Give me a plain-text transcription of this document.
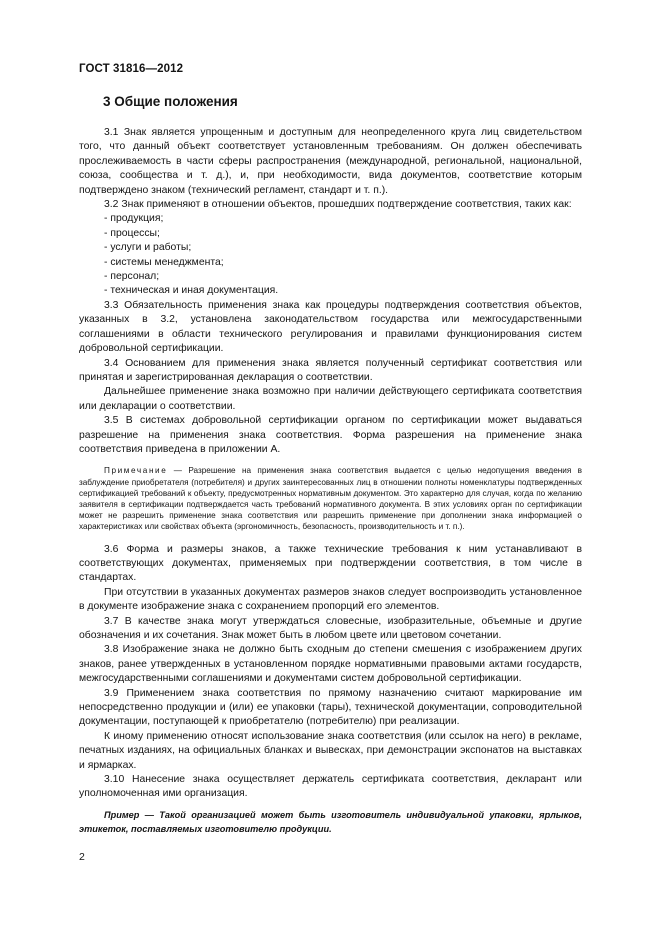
ГОСТ 31816—2012
3 Общие положения

3.1 Знак является упрощенным и доступным для неопределенного круга лиц свидетельством того, что данный объект соответствует установленным требованиям. Он должен обеспечивать прослеживаемость в части сферы распространения (международной, региональной, национальной, союза, сообщества и т. д.), и, при необходимости, вида документов, соответствие которым подтверждено знаком (технический регламент, стандарт и т. п.).

3.2 Знак применяют в отношении объектов, прошедших подтверждение соответствия, таких как:

- продукция;

- процессы;

- услуги и работы;

- системы менеджмента;

- персонал;

- техническая и иная документация.

3.3 Обязательность применения знака как процедуры подтверждения соответствия объектов, указанных в 3.2, установлена законодательством государства или межгосударственными соглашениями в области технического регулирования и правилами функционирования систем добровольной сертификации.

3.4 Основанием для применения знака является полученный сертификат соответствия или принятая и зарегистрированная декларация о соответствии.

Дальнейшее применение знака возможно при наличии действующего сертификата соответствия или декларации о соответствии.

3.5 В системах добровольной сертификации органом по сертификации может выдаваться разрешение на применения знака соответствия. Форма разрешения на применение знака соответствия приведена в приложении А.

Примечание — Разрешение на применения знака соответствия выдается с целью недопущения введения в заблуждение приобретателя (потребителя) и других заинтересованных лиц в отношении полноты номенклатуры подтвержденных сертификацией требований к объекту, предусмотренных нормативным документом. Это характерно для случая, когда по желанию заявителя в сертификации подтверждается часть требований нормативного документа. В этих условиях орган по сертификации может не разрешить применение знака соответствия или разрешить применение при дополнении знака информацией о характеристиках или свойствах объекта (эргономичность, безопасность, производительность и т. п.).

3.6 Форма и размеры знаков, а также технические требования к ним устанавливают в соответствующих документах, применяемых при подтверждении соответствия, в том числе в стандартах.

При отсутствии в указанных документах размеров знаков следует воспроизводить установленное в документе изображение знака с сохранением пропорций его элементов.

3.7 В качестве знака могут утверждаться словесные, изобразительные, объемные и другие обозначения и их сочетания. Знак может быть в любом цвете или цветовом сочетании.

3.8 Изображение знака не должно быть сходным до степени смешения с изображением других знаков, ранее утвержденных в установленном порядке нормативными правовыми актами государств, межгосударственными соглашениями и документами систем добровольной сертификации.

3.9 Применением знака соответствия по прямому назначению считают маркирование им непосредственно продукции и (или) ее упаковки (тары), технической документации, сопроводительной документации, поступающей к приобретателю (потребителю) при реализации.

К иному применению относят использование знака соответствия (или ссылок на него) в рекламе, печатных изданиях, на официальных бланках и вывесках, при демонстрации экспонатов на выставках и ярмарках.

3.10 Нанесение знака осуществляет держатель сертификата соответствия, декларант или уполномоченная ими организация.

Пример — Такой организацией может быть изготовитель индивидуальной упаковки, ярлыков, этикеток, поставляемых изготовителю продукции.

2
